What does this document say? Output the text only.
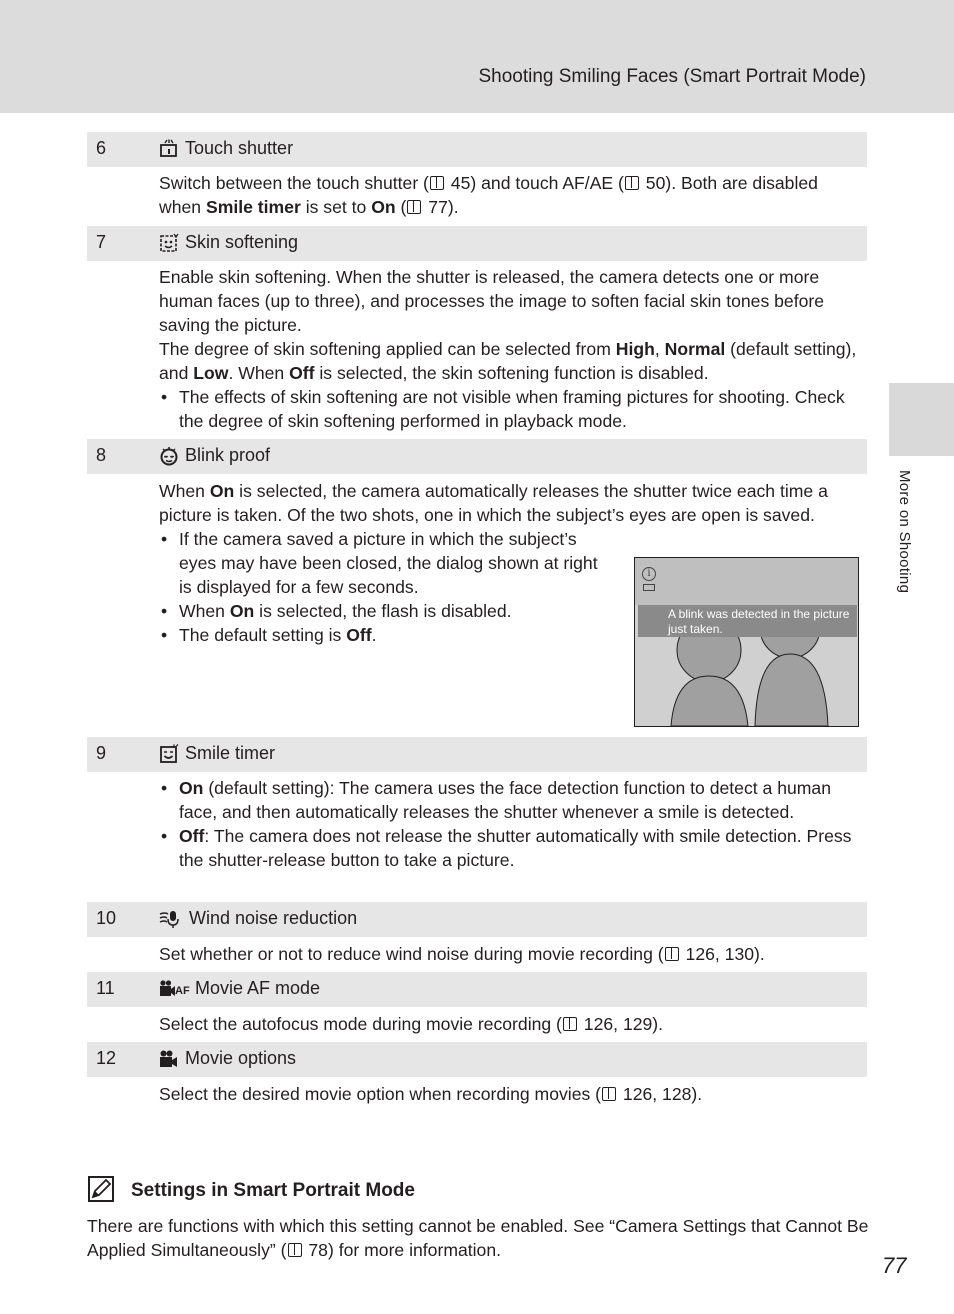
Shooting Smiling Faces (Smart Portrait Mode)
More on Shooting
6	Touch shutter

Switch between the touch shutter ( 45) and touch AF/AE ( 50). Both are disabled when Smile timer is set to On ( 77).

7	Skin softening

Enable skin softening. When the shutter is released, the camera detects one or more human faces (up to three), and processes the image to soften facial skin tones before saving the picture.

The degree of skin softening applied can be selected from High, Normal (default setting), and Low. When Off is selected, the skin softening function is disabled.

• The effects of skin softening are not visible when framing pictures for shooting. Check the degree of skin softening performed in playback mode.
8	Blink proof

When On is selected, the camera automatically releases the shutter twice each time a picture is taken. Of the two shots, one in which the subject’s eyes are open is saved.

• If the camera saved a picture in which the subject’s eyes may have been closed, the dialog shown at right is displayed for a few seconds.
• When On is selected, the flash is disabled.
• The default setting is Off.
i
A blink was detected in the picture just taken.
9	Smile timer
• On (default setting): The camera uses the face detection function to detect a human face, and then automatically releases the shutter whenever a smile is detected.
• Off: The camera does not release the shutter automatically with smile detection. Press the shutter-release button to take a picture.
10	Wind noise reduction

Set whether or not to reduce wind noise during movie recording ( 126, 130).

11	AF Movie AF mode

Select the autofocus mode during movie recording ( 126, 129).

12	Movie options

Select the desired movie option when recording movies ( 126, 128).

Settings in Smart Portrait Mode
There are functions with which this setting cannot be enabled. See “Camera Settings that Cannot Be Applied Simultaneously” ( 78) for more information.
77
